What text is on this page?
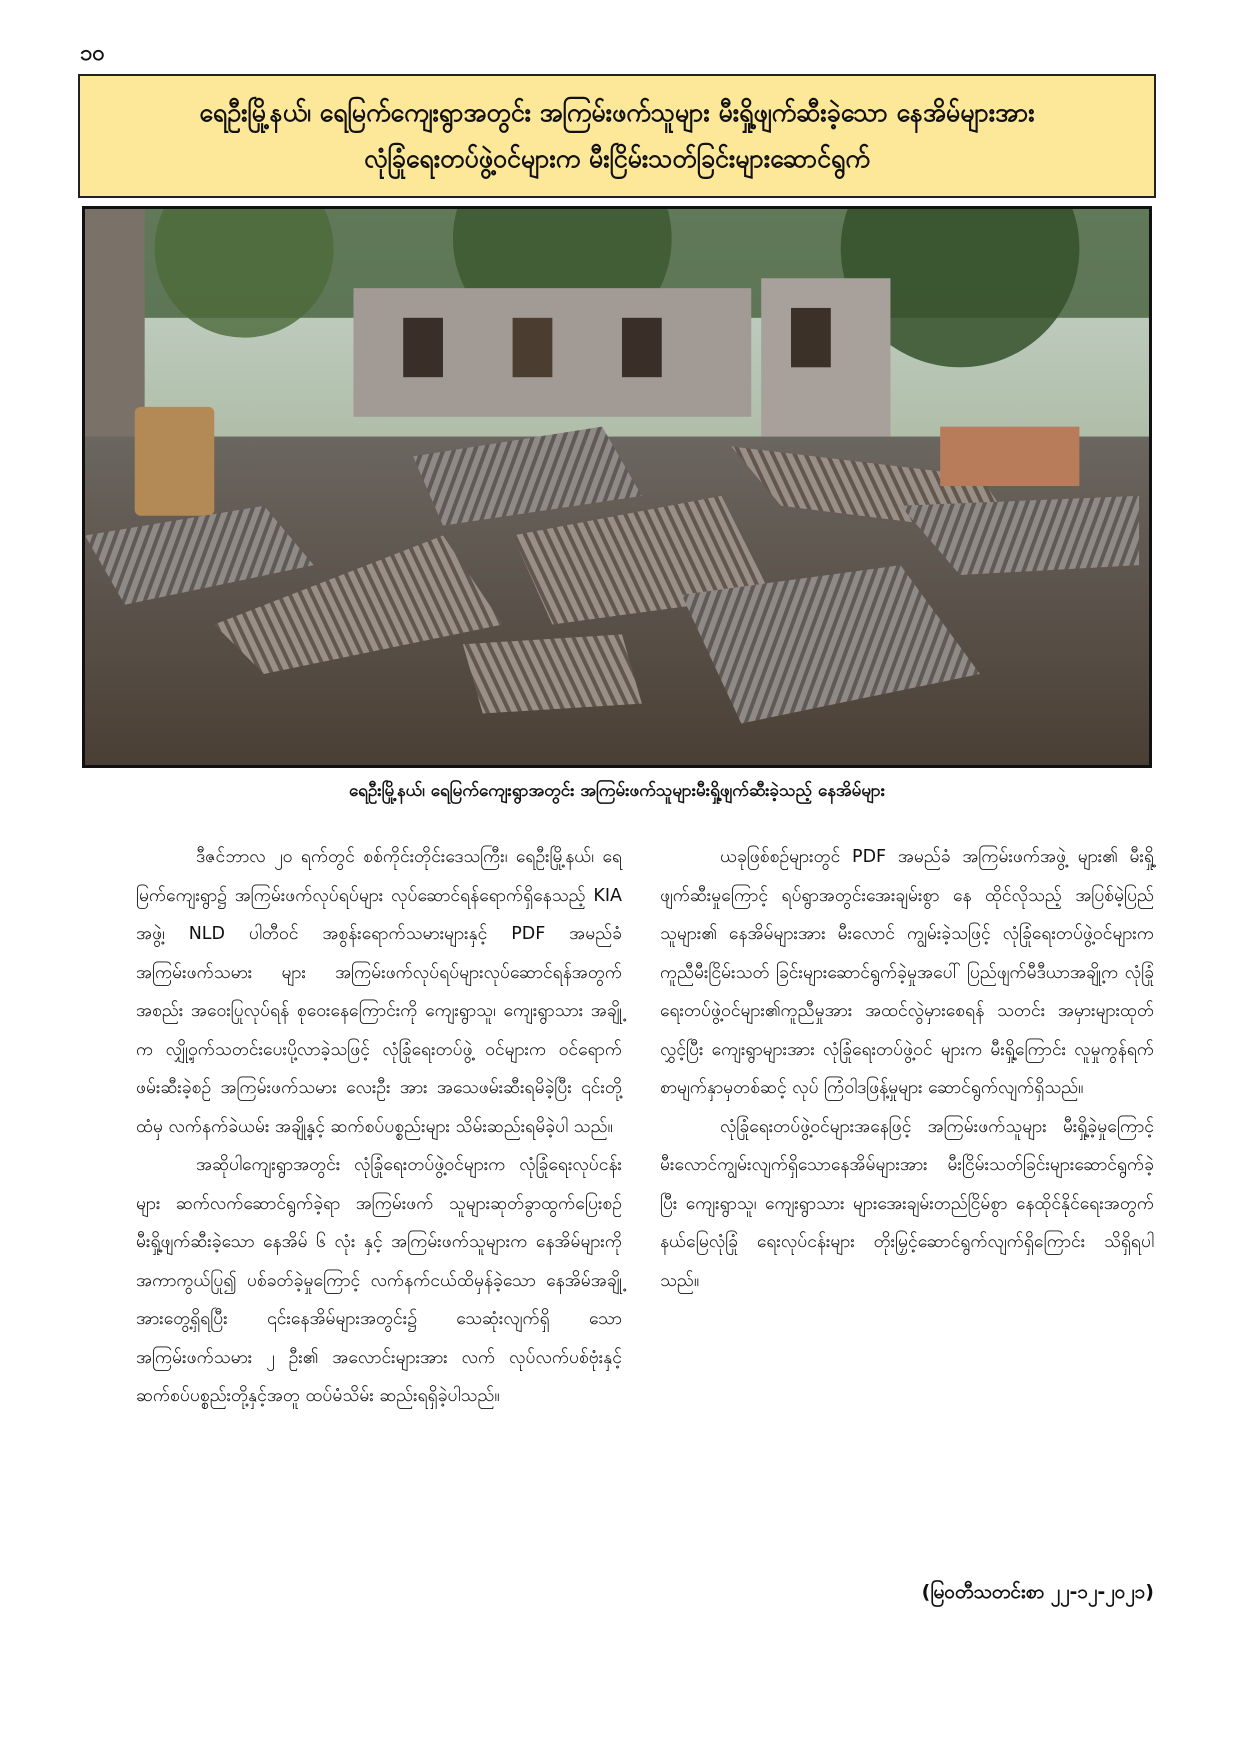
၁၀
ရေဦးမြို့နယ်၊ ရေမြက်ကျေးရွာအတွင်း အကြမ်းဖက်သူများ မီးရှို့ဖျက်ဆီးခဲ့သော နေအိမ်များအား
လုံခြုံရေးတပ်ဖွဲ့ဝင်များက မီးငြိမ်းသတ်ခြင်းများဆောင်ရွက်
ရေဦးမြို့နယ်၊ ရေမြက်ကျေးရွာအတွင်း အကြမ်းဖက်သူများမီးရှို့ဖျက်ဆီးခဲ့သည့် နေအိမ်များ

ဒီဇင်ဘာလ ၂၀ ရက်တွင် စစ်ကိုင်းတိုင်းဒေသကြီး၊ ရေဦးမြို့နယ်၊ ရေမြက်ကျေးရွာ၌ အကြမ်းဖက်လုပ်ရပ်များ လုပ်ဆောင်ရန်ရောက်ရှိနေသည့် KIA အဖွဲ့၊ NLD ပါတီဝင် အစွန်းရောက်သမားများနှင့် PDF အမည်ခံ အကြမ်းဖက်သမား များ အကြမ်းဖက်လုပ်ရပ်များလုပ်ဆောင်ရန်အတွက် အစည်း အဝေးပြုလုပ်ရန် စုဝေးနေကြောင်းကို ကျေးရွာသူ၊ ကျေးရွာသား အချို့က လျှို့ဝှက်သတင်းပေးပို့လာခဲ့သဖြင့် လုံခြုံရေးတပ်ဖွဲ့ ဝင်များက ဝင်ရောက်ဖမ်းဆီးခဲ့စဉ် အကြမ်းဖက်သမား လေးဦး အား အသေဖမ်းဆီးရမိခဲ့ပြီး ၎င်းတို့ထံမှ လက်နက်ခဲယမ်း အချို့နှင့် ဆက်စပ်ပစ္စည်းများ သိမ်းဆည်းရမိခဲ့ပါ သည်။

အဆိုပါကျေးရွာအတွင်း လုံခြုံရေးတပ်ဖွဲ့ဝင်များက လုံခြုံရေးလုပ်ငန်းများ ဆက်လက်ဆောင်ရွက်ခဲ့ရာ အကြမ်းဖက် သူများဆုတ်ခွာထွက်ပြေးစဉ် မီးရှို့ဖျက်ဆီးခဲ့သော နေအိမ် ၆ လုံး နှင့် အကြမ်းဖက်သူများက နေအိမ်များကိုအကာကွယ်ပြု၍ ပစ်ခတ်ခဲ့မှုကြောင့် လက်နက်ငယ်ထိမှန်ခဲ့သော နေအိမ်အချို့ အားတွေ့ရှိရပြီး ၎င်းနေအိမ်များအတွင်း၌ သေဆုံးလျက်ရှိ သော အကြမ်းဖက်သမား ၂ ဦး၏ အလောင်းများအား လက် လုပ်လက်ပစ်ဗုံးနှင့် ဆက်စပ်ပစ္စည်းတို့နှင့်အတူ ထပ်မံသိမ်း ဆည်းရရှိခဲ့ပါသည်။

ယခုဖြစ်စဉ်များတွင် PDF အမည်ခံ အကြမ်းဖက်အဖွဲ့ များ၏ မီးရှို့ဖျက်ဆီးမှုကြောင့် ရပ်ရွာအတွင်းအေးချမ်းစွာ နေ ထိုင်လိုသည့် အပြစ်မဲ့ပြည်သူများ၏ နေအိမ်များအား မီးလောင် ကျွမ်းခဲ့သဖြင့် လုံခြုံရေးတပ်ဖွဲ့ဝင်များက ကူညီမီးငြိမ်းသတ် ခြင်းများဆောင်ရွက်ခဲ့မှုအပေါ် ပြည်ဖျက်မီဒီယာအချို့က လုံခြုံ ရေးတပ်ဖွဲ့ဝင်များ၏ကူညီမှုအား အထင်လွဲမှားစေရန် သတင်း အမှားများထုတ်လွှင့်ပြီး ကျေးရွာများအား လုံခြုံရေးတပ်ဖွဲ့ဝင် များက မီးရှို့ကြောင်း လူမှုကွန်ရက်စာမျက်နှာမှတစ်ဆင့် လုပ် ကြံဝါဒဖြန့်မှုများ ဆောင်ရွက်လျက်ရှိသည်။

လုံခြုံရေးတပ်ဖွဲ့ဝင်များအနေဖြင့် အကြမ်းဖက်သူများ မီးရှို့ခဲ့မှုကြောင့် မီးလောင်ကျွမ်းလျက်ရှိသောနေအိမ်များအား မီးငြိမ်းသတ်ခြင်းများဆောင်ရွက်ခဲ့ပြီး ကျေးရွာသူ၊ ကျေးရွာသား များအေးချမ်းတည်ငြိမ်စွာ နေထိုင်နိုင်ရေးအတွက် နယ်မြေလုံခြုံ ရေးလုပ်ငန်းများ တိုးမြှင့်ဆောင်ရွက်လျက်ရှိကြောင်း သိရှိရပါ သည်။

(မြဝတီသတင်းစာ ၂၂-၁၂-၂၀၂၁)
